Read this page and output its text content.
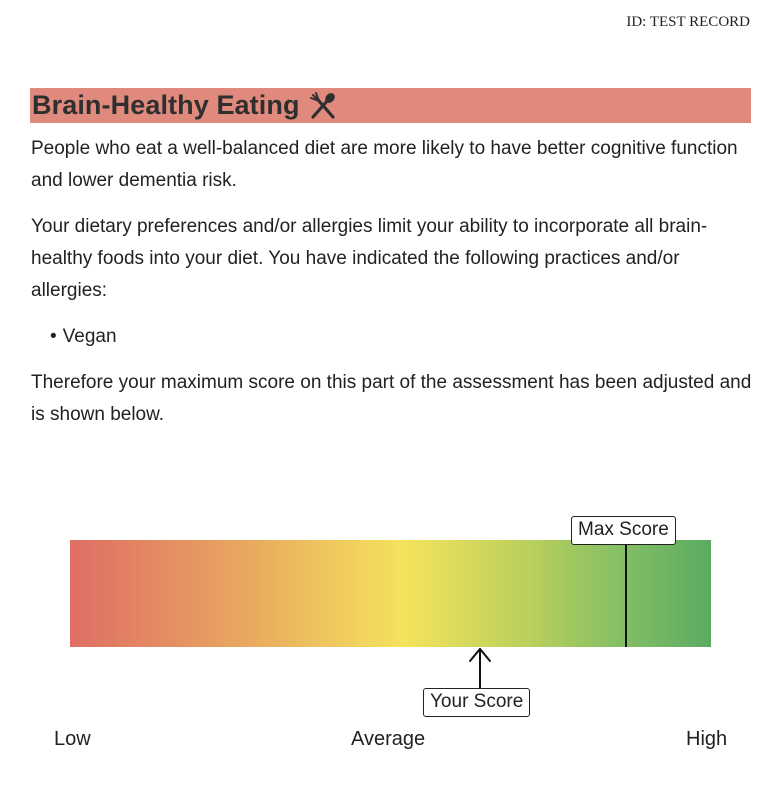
ID: TEST RECORD
Brain-Healthy Eating

People who eat a well-balanced diet are more likely to have better cognitive function and lower dementia risk.

Your dietary preferences and/or allergies limit your ability to incorporate all brain-healthy foods into your diet. You have indicated the following practices and/or allergies:

• Vegan

Therefore your maximum score on this part of the assessment has been adjusted and is shown below.

Max Score
Your Score
Low	Average	High
